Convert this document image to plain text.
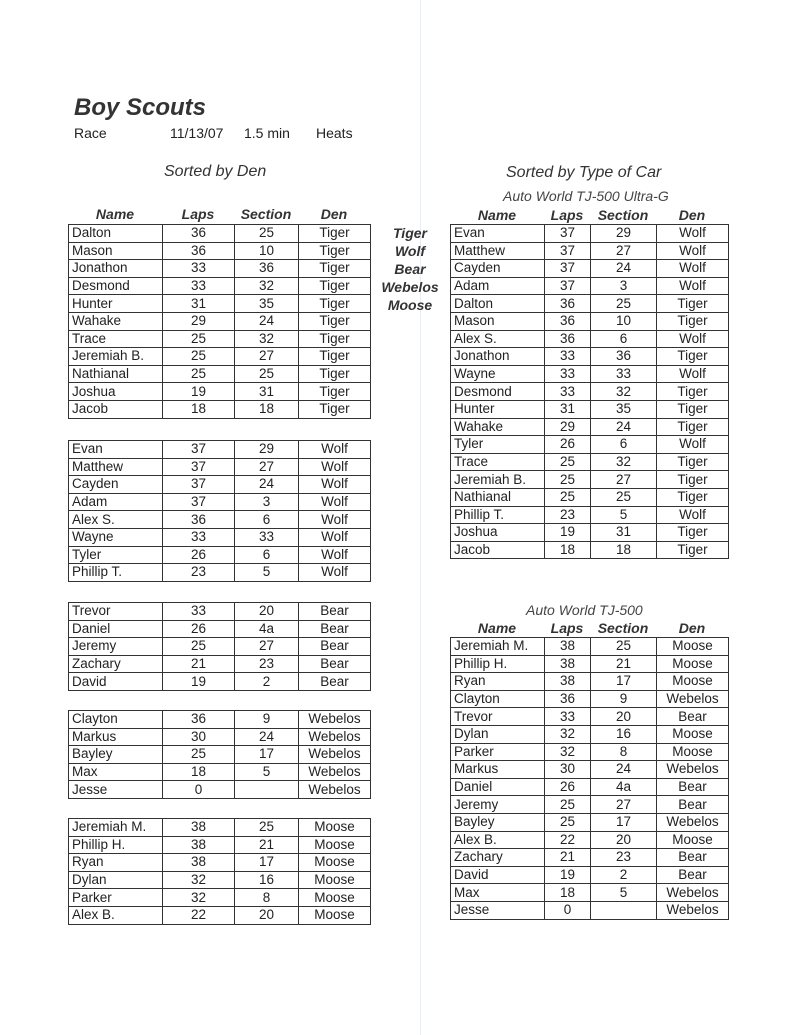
Boy Scouts
Race	11/13/07 1.5 min Heats
Sorted by Den	Sorted by Type of Car
Auto World TJ-500 Ultra-G
Auto World TJ-500
Name	Laps	Section	Den	Name	Laps	Section	Den
Name	Laps	Section	Den
Tiger
Wolf
Bear
Webelos
Moose
Dalton	36	25	Tiger
Mason	36	10	Tiger
Jonathon	33	36	Tiger
Desmond	33	32	Tiger
Hunter	31	35	Tiger
Wahake	29	24	Tiger
Trace	25	32	Tiger
Jeremiah B.	25	27	Tiger
Nathianal	25	25	Tiger
Joshua	19	31	Tiger
Jacob	18	18	Tiger
Evan	37	29	Wolf
Matthew	37	27	Wolf
Cayden	37	24	Wolf
Adam	37	3	Wolf
Alex S.	36	6	Wolf
Wayne	33	33	Wolf
Tyler	26	6	Wolf
Phillip T.	23	5	Wolf
Trevor	33	20	Bear
Daniel	26	4a	Bear
Jeremy	25	27	Bear
Zachary	21	23	Bear
David	19	2	Bear
Clayton	36	9	Webelos
Markus	30	24	Webelos
Bayley	25	17	Webelos
Max	18	5	Webelos
Jesse	0		Webelos
Jeremiah M.	38	25	Moose
Phillip H.	38	21	Moose
Ryan	38	17	Moose
Dylan	32	16	Moose
Parker	32	8	Moose
Alex B.	22	20	Moose
Evan	37	29	Wolf
Matthew	37	27	Wolf
Cayden	37	24	Wolf
Adam	37	3	Wolf
Dalton	36	25	Tiger
Mason	36	10	Tiger
Alex S.	36	6	Wolf
Jonathon	33	36	Tiger
Wayne	33	33	Wolf
Desmond	33	32	Tiger
Hunter	31	35	Tiger
Wahake	29	24	Tiger
Tyler	26	6	Wolf
Trace	25	32	Tiger
Jeremiah B.	25	27	Tiger
Nathianal	25	25	Tiger
Phillip T.	23	5	Wolf
Joshua	19	31	Tiger
Jacob	18	18	Tiger
Jeremiah M.	38	25	Moose
Phillip H.	38	21	Moose
Ryan	38	17	Moose
Clayton	36	9	Webelos
Trevor	33	20	Bear
Dylan	32	16	Moose
Parker	32	8	Moose
Markus	30	24	Webelos
Daniel	26	4a	Bear
Jeremy	25	27	Bear
Bayley	25	17	Webelos
Alex B.	22	20	Moose
Zachary	21	23	Bear
David	19	2	Bear
Max	18	5	Webelos
Jesse	0		Webelos
